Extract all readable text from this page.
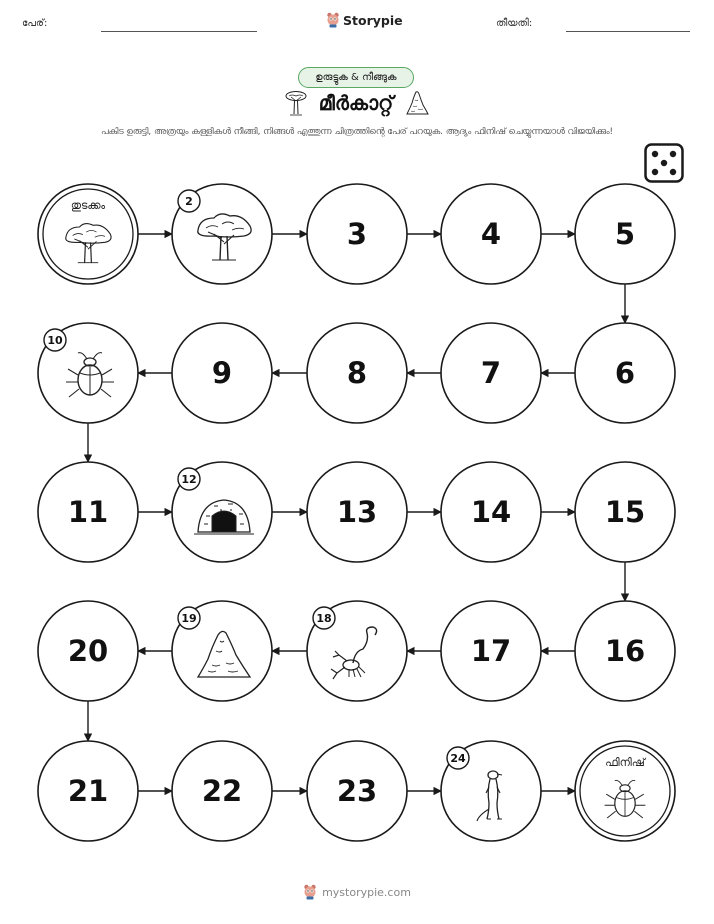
പേര്:	Storypie	തീയതി:
ഉരുട്ടുക & നീങ്ങുക
മീർകാറ്റ്
പകിട ഉരുട്ടി, അത്രയും കള്ളികൾ നീങ്ങി, നിങ്ങൾ എത്തുന്ന ചിത്രത്തിന്റെ പേര് പറയുക. ആദ്യം ഫിനിഷ് ചെയ്യുന്നയാൾ വിജയിക്കും!
തുടക്കം	2
3	4	5
6
7
8
9
10
11
12
13	14	15
16
17
18
19
20
21	22	23
24	ഫിനിഷ്
mystorypie.com
